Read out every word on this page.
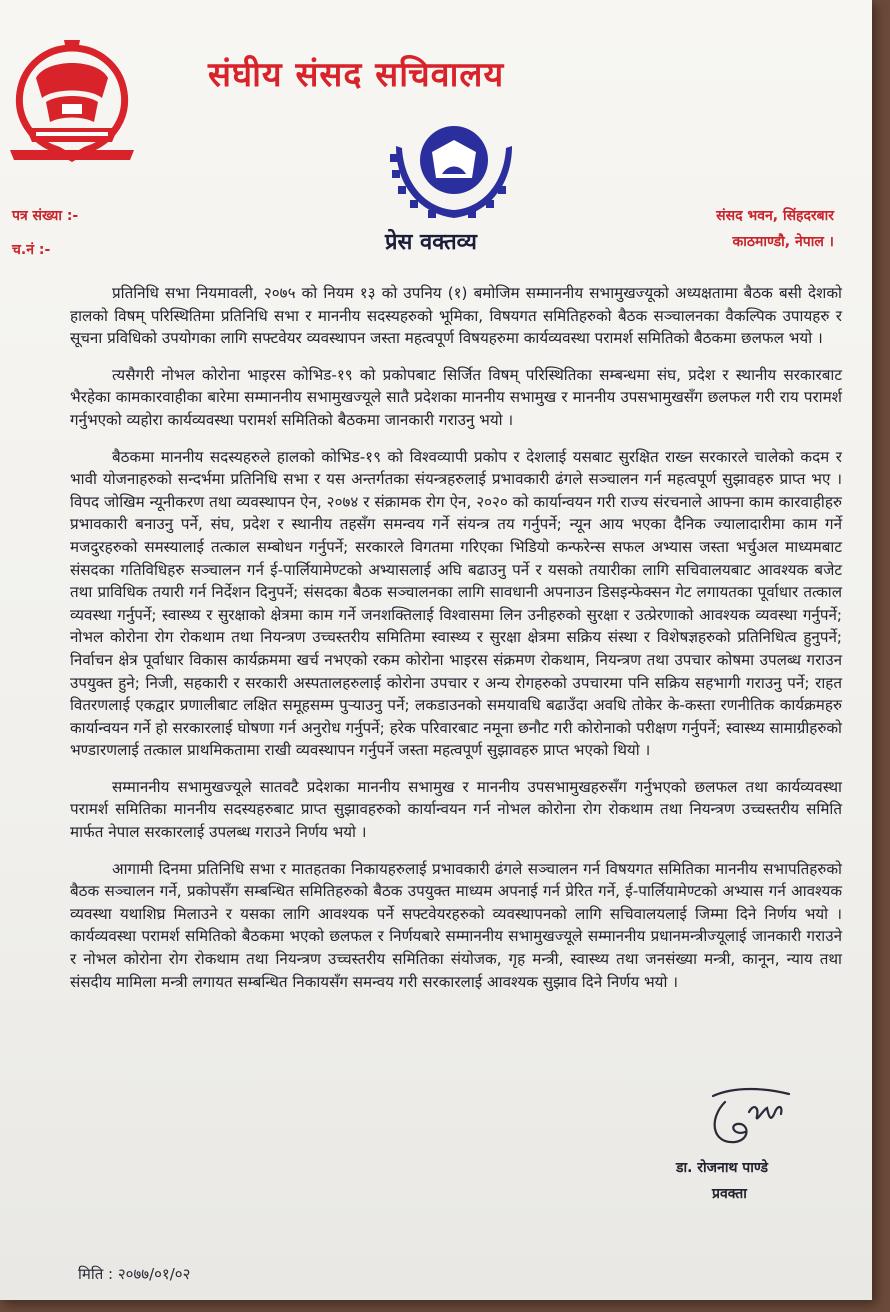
संघीय संसद सचिवालय
पत्र संख्या :-
च.नं :-
संसद भवन, सिंहदरबार
काठमाण्डौ, नेपाल ।
प्रेस वक्तव्य

प्रतिनिधि सभा नियमावली, २०७५ को नियम १३ को उपनिय (१) बमोजिम सम्माननीय सभामुखज्यूको अध्यक्षतामा बैठक बसी देशको हालको विषम् परिस्थितिमा प्रतिनिधि सभा र माननीय सदस्यहरुको भूमिका, विषयगत समितिहरुको बैठक सञ्चालनका वैकल्पिक उपायहरु र सूचना प्रविधिको उपयोगका लागि सफ्टवेयर व्यवस्थापन जस्ता महत्वपूर्ण विषयहरुमा कार्यव्यवस्था परामर्श समितिको बैठकमा छलफल भयो ।

त्यसैगरी नोभल कोरोना भाइरस कोभिड-१९ को प्रकोपबाट सिर्जित विषम् परिस्थितिका सम्बन्धमा संघ, प्रदेश र स्थानीय सरकारबाट भैरहेका कामकारवाहीका बारेमा सम्माननीय सभामुखज्यूले सातै प्रदेशका माननीय सभामुख र माननीय उपसभामुखसँग छलफल गरी राय परामर्श गर्नुभएको व्यहोरा कार्यव्यवस्था परामर्श समितिको बैठकमा जानकारी गराउनु भयो ।

बैठकमा माननीय सदस्यहरुले हालको कोभिड-१९ को विश्वव्यापी प्रकोप र देशलाई यसबाट सुरक्षित राख्न सरकारले चालेको कदम र भावी योजनाहरुको सन्दर्भमा प्रतिनिधि सभा र यस अन्तर्गतका संयन्त्रहरुलाई प्रभावकारी ढंगले सञ्चालन गर्न महत्वपूर्ण सुझावहरु प्राप्त भए । विपद जोखिम न्यूनीकरण तथा व्यवस्थापन ऐन, २०७४ र संक्रामक रोग ऐन, २०२० को कार्यान्वयन गरी राज्य संरचनाले आफ्ना काम कारवाहीहरु प्रभावकारी बनाउनु पर्ने, संघ, प्रदेश र स्थानीय तहसँग समन्वय गर्ने संयन्त्र तय गर्नुपर्ने; न्यून आय भएका दैनिक ज्यालादारीमा काम गर्ने मजदुरहरुको समस्यालाई तत्काल सम्बोधन गर्नुपर्ने; सरकारले विगतमा गरिएका भिडियो कन्फरेन्स सफल अभ्यास जस्ता भर्चुअल माध्यमबाट संसदका गतिविधिहरु सञ्चालन गर्न ई-पार्लियामेण्टको अभ्यासलाई अघि बढाउनु पर्ने र यसको तयारीका लागि सचिवालयबाट आवश्यक बजेट तथा प्राविधिक तयारी गर्न निर्देशन दिनुपर्ने; संसदका बैठक सञ्चालनका लागि सावधानी अपनाउन डिसइन्फेक्सन गेट लगायतका पूर्वाधार तत्काल व्यवस्था गर्नुपर्ने; स्वास्थ्य र सुरक्षाको क्षेत्रमा काम गर्ने जनशक्तिलाई विश्वासमा लिन उनीहरुको सुरक्षा र उत्प्रेरणाको आवश्यक व्यवस्था गर्नुपर्ने; नोभल कोरोना रोग रोकथाम तथा नियन्त्रण उच्चस्तरीय समितिमा स्वास्थ्य र सुरक्षा क्षेत्रमा सक्रिय संस्था र विशेषज्ञहरुको प्रतिनिधित्व हुनुपर्ने; निर्वाचन क्षेत्र पूर्वाधार विकास कार्यक्रममा खर्च नभएको रकम कोरोना भाइरस संक्रमण रोकथाम, नियन्त्रण तथा उपचार कोषमा उपलब्ध गराउन उपयुक्त हुने; निजी, सहकारी र सरकारी अस्पतालहरुलाई कोरोना उपचार र अन्य रोगहरुको उपचारमा पनि सक्रिय सहभागी गराउनु पर्ने; राहत वितरणलाई एकद्वार प्रणालीबाट लक्षित समूहसम्म पुऱ्याउनु पर्ने; लकडाउनको समयावधि बढाउँदा अवधि तोकेर के-कस्ता रणनीतिक कार्यक्रमहरु कार्यान्वयन गर्ने हो सरकारलाई घोषणा गर्न अनुरोध गर्नुपर्ने; हरेक परिवारबाट नमूना छनौट गरी कोरोनाको परीक्षण गर्नुपर्ने; स्वास्थ्य सामाग्रीहरुको भण्डारणलाई तत्काल प्राथमिकतामा राखी व्यवस्थापन गर्नुपर्ने जस्ता महत्वपूर्ण सुझावहरु प्राप्त भएको थियो ।

सम्माननीय सभामुखज्यूले सातवटै प्रदेशका माननीय सभामुख र माननीय उपसभामुखहरुसँग गर्नुभएको छलफल तथा कार्यव्यवस्था परामर्श समितिका माननीय सदस्यहरुबाट प्राप्त सुझावहरुको कार्यान्वयन गर्न नोभल कोरोना रोग रोकथाम तथा नियन्त्रण उच्चस्तरीय समिति मार्फत नेपाल सरकारलाई उपलब्ध गराउने निर्णय भयो ।

आगामी दिनमा प्रतिनिधि सभा र मातहतका निकायहरुलाई प्रभावकारी ढंगले सञ्चालन गर्न विषयगत समितिका माननीय सभापतिहरुको बैठक सञ्चालन गर्ने, प्रकोपसँग सम्बन्धित समितिहरुको बैठक उपयुक्त माध्यम अपनाई गर्न प्रेरित गर्ने, ई-पार्लियामेण्टको अभ्यास गर्न आवश्यक व्यवस्था यथाशिघ्र मिलाउने र यसका लागि आवश्यक पर्ने सफ्टवेयरहरुको व्यवस्थापनको लागि सचिवालयलाई जिम्मा दिने निर्णय भयो । कार्यव्यवस्था परामर्श समितिको बैठकमा भएको छलफल र निर्णयबारे सम्माननीय सभामुखज्यूले सम्माननीय प्रधानमन्त्रीज्यूलाई जानकारी गराउने र नोभल कोरोना रोग रोकथाम तथा नियन्त्रण उच्चस्तरीय समितिका संयोजक, गृह मन्त्री, स्वास्थ्य तथा जनसंख्या मन्त्री, कानून, न्याय तथा संसदीय मामिला मन्त्री लगायत सम्बन्धित निकायसँग समन्वय गरी सरकारलाई आवश्यक सुझाव दिने निर्णय भयो ।

डा. रोजनाथ पाण्डे
प्रवक्ता
मिति : २०७७/०१/०२
